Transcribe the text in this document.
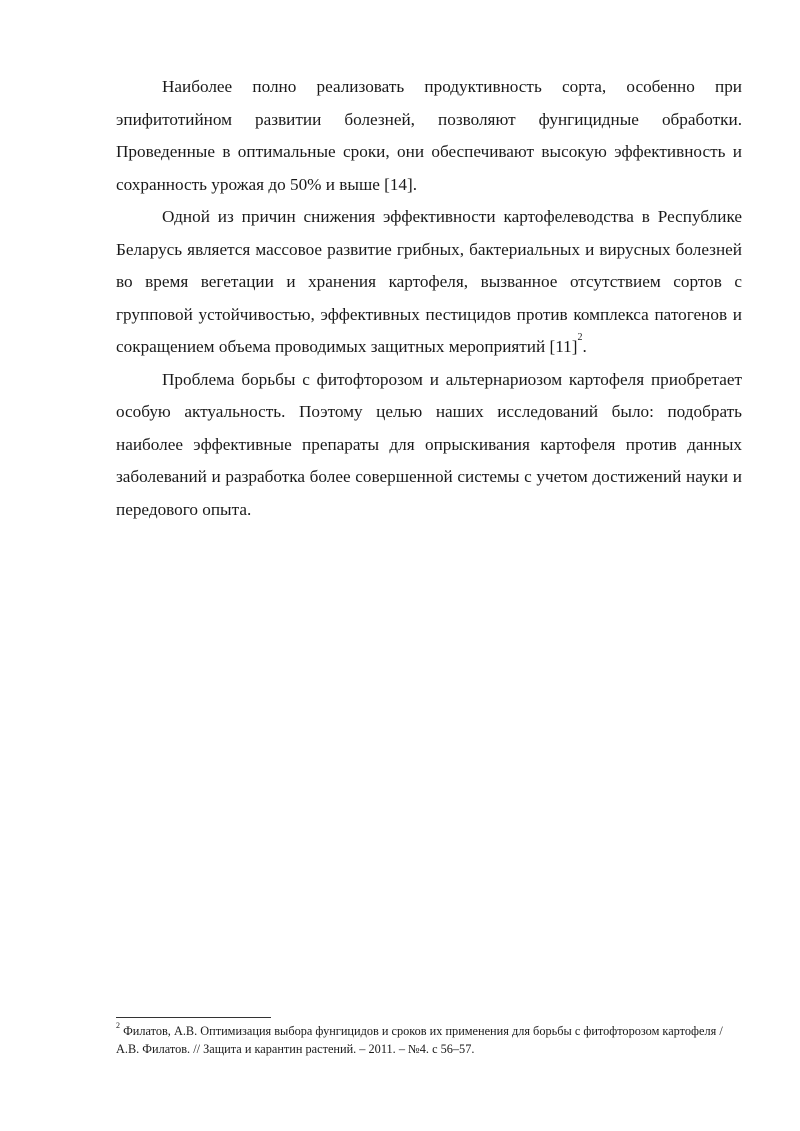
Наиболее полно реализовать продуктивность сорта, особенно при эпифитотийном развитии болезней, позволяют фунгицидные обработки. Проведенные в оптимальные сроки, они обеспечивают высокую эффективность и сохранность урожая до 50% и выше [14].

Одной из причин снижения эффективности картофелеводства в Республике Беларусь является массовое развитие грибных, бактериальных и вирусных болезней во время вегетации и хранения картофеля, вызванное отсутствием сортов с групповой устойчивостью, эффективных пестицидов против комплекса патогенов и сокращением объема проводимых защитных мероприятий [11]$^2$.

Проблема борьбы с фитофторозом и альтернариозом картофеля приобретает особую актуальность. Поэтому целью наших исследований было: подобрать наиболее эффективные препараты для опрыскивания картофеля против данных заболеваний и разработка более совершенной системы с учетом достижений науки и передового опыта.

$^2$ Филатов, А.В. Оптимизация выбора фунгицидов и сроков их применения для борьбы с фитофторозом картофеля /А.В. Филатов. // Защита и карантин растений. – 2011. – №4. с 56–57.
